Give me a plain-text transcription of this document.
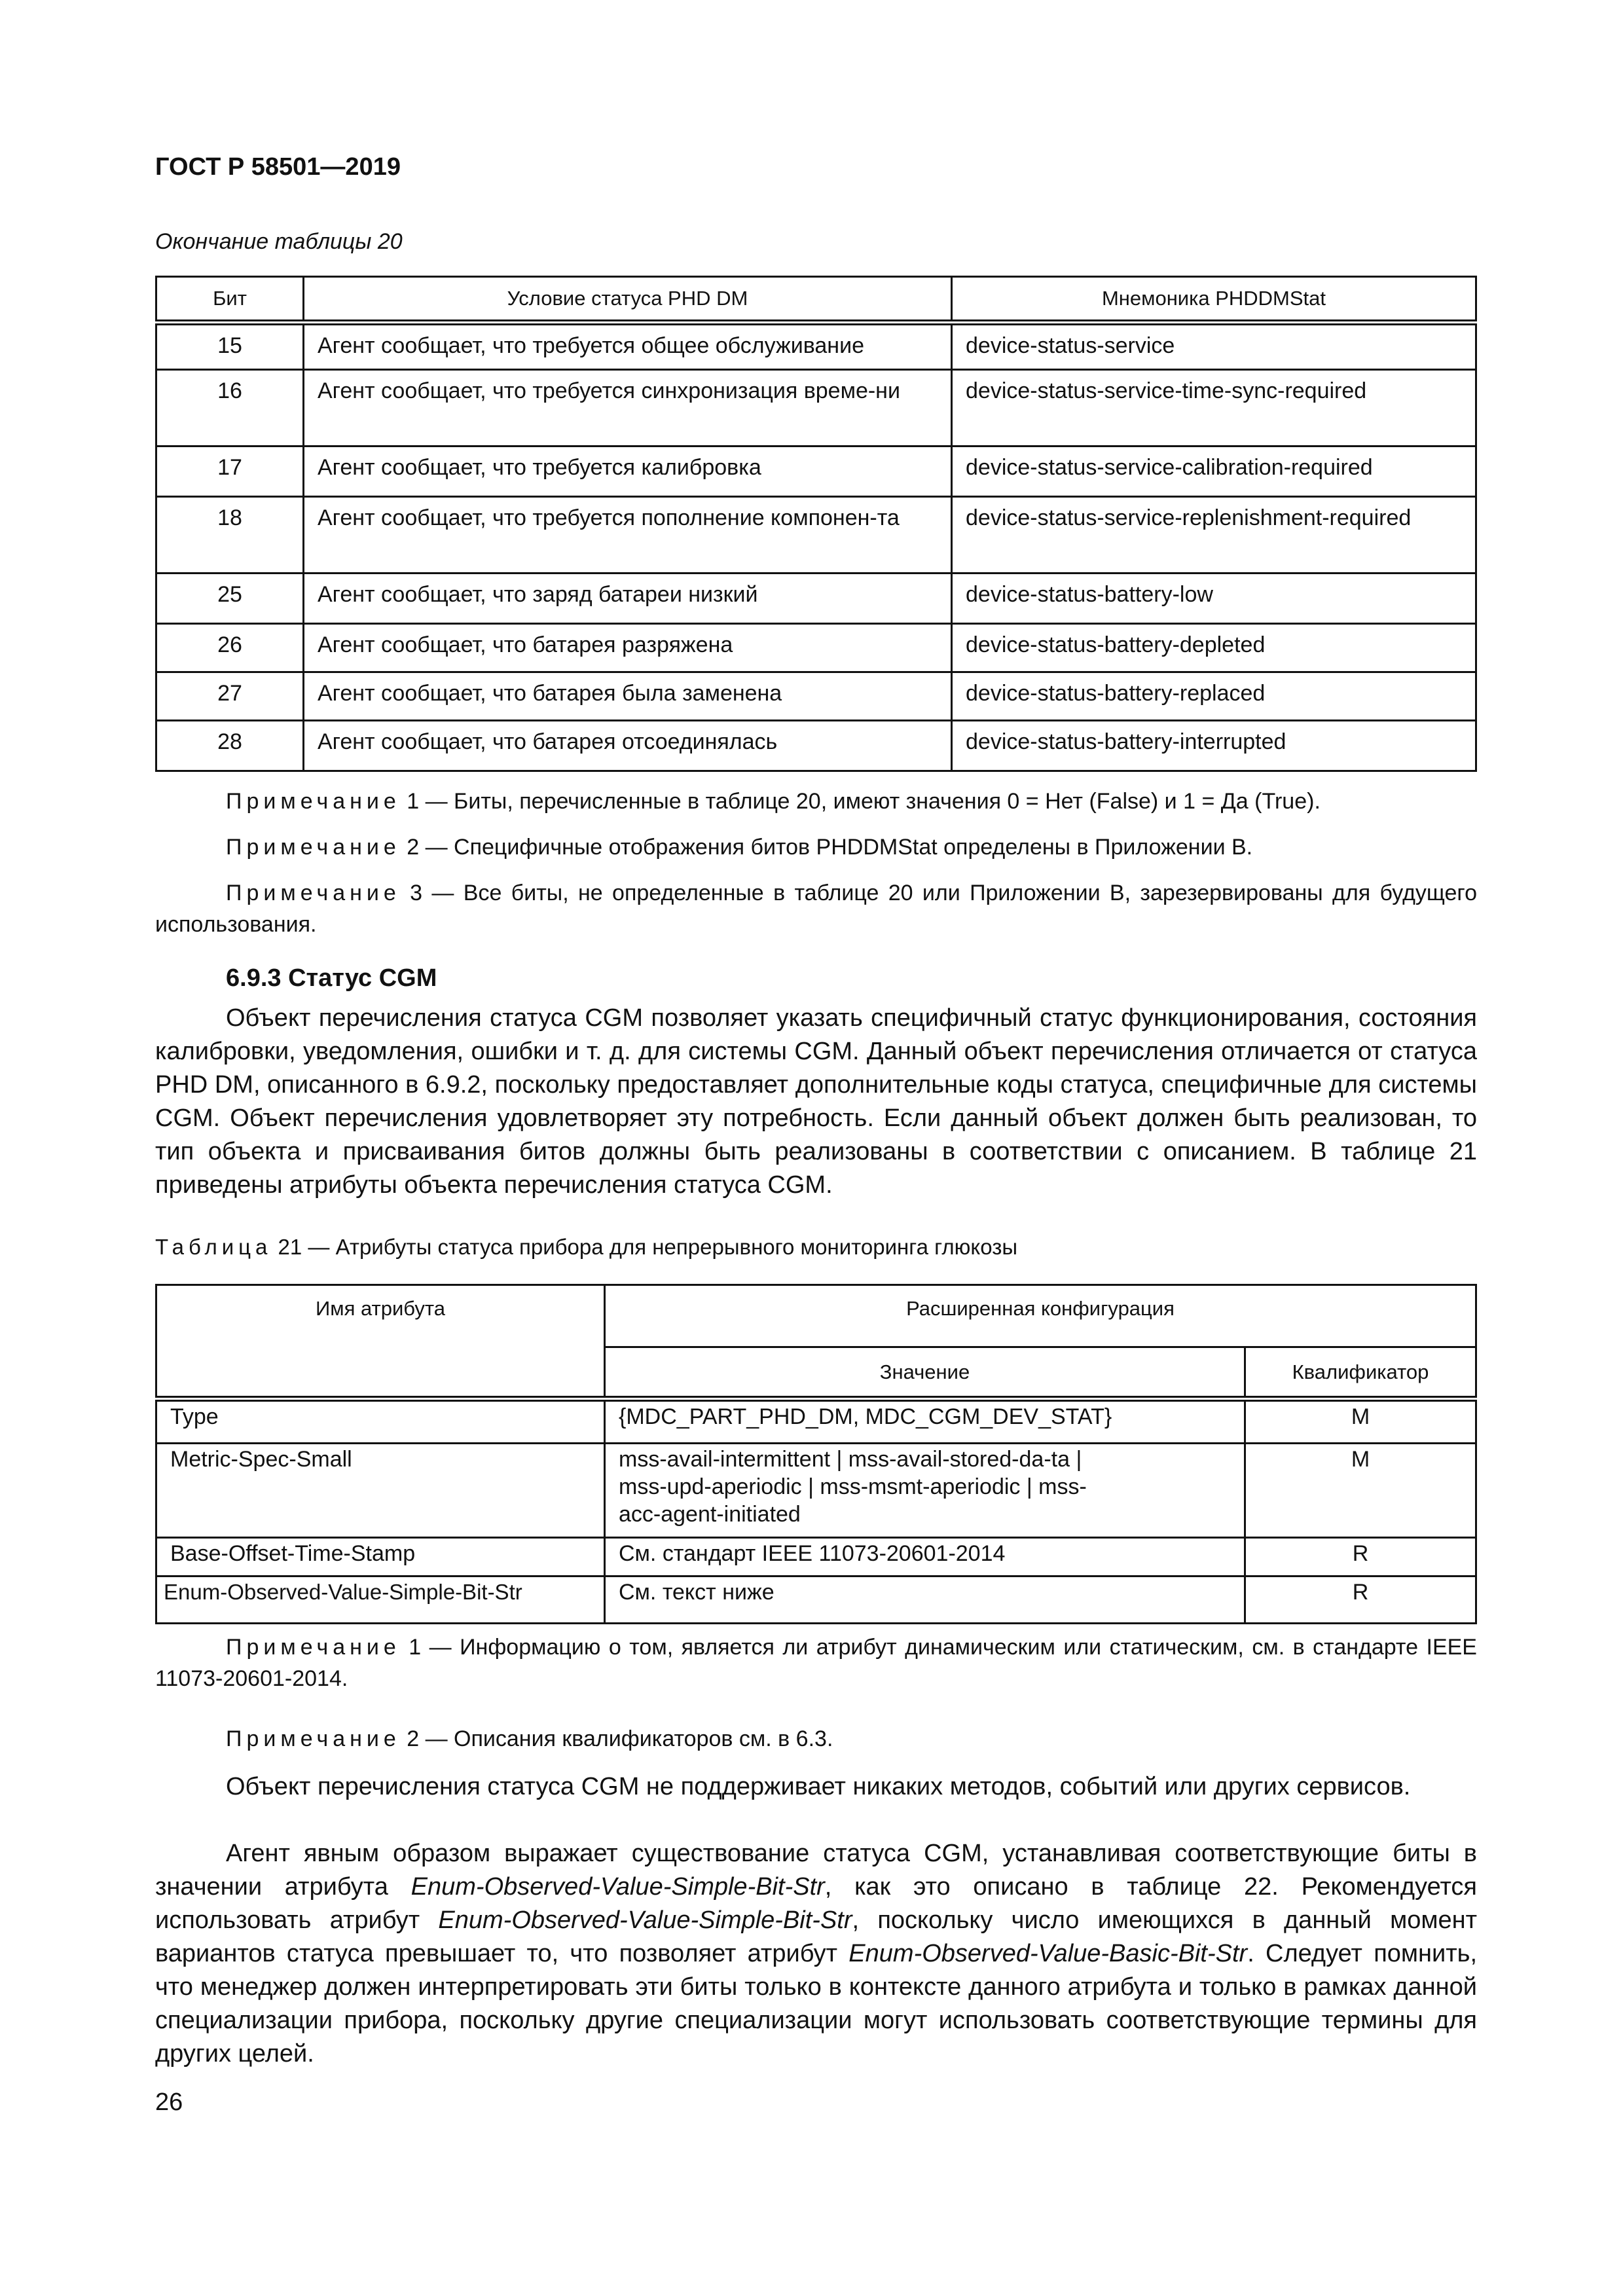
ГОСТ Р 58501—2019
Окончание таблицы 20
Бит	Условие статуса PHD DM	Мнемоника PHDDMStat
15	Агент сообщает, что требуется общее обслуживание	device-status-service
16	Агент сообщает, что требуется синхронизация време-ни	device-status-service-time-sync-required
17	Агент сообщает, что требуется калибровка	device-status-service-calibration-required
18	Агент сообщает, что требуется пополнение компонен-та	device-status-service-replenishment-required
25	Агент сообщает, что заряд батареи низкий	device-status-battery-low
26	Агент сообщает, что батарея разряжена	device-status-battery-depleted
27	Агент сообщает, что батарея была заменена	device-status-battery-replaced
28	Агент сообщает, что батарея отсоединялась	device-status-battery-interrupted
Примечание 1 — Биты, перечисленные в таблице 20, имеют значения 0 = Нет (False) и 1 = Да (True).
Примечание 2 — Специфичные отображения битов PHDDMStat определены в Приложении В.
Примечание 3 — Все биты, не определенные в таблице 20 или Приложении В, зарезервированы для будущего использования.
6.9.3 Статус CGM
Объект перечисления статуса CGM позволяет указать специфичный статус функционирования, состояния калибровки, уведомления, ошибки и т. д. для системы CGM. Данный объект перечисления отличается от статуса PHD DM, описанного в 6.9.2, поскольку предоставляет дополнительные коды статуса, специфичные для системы CGM. Объект перечисления удовлетворяет эту потребность. Если данный объект должен быть реализован, то тип объекта и присваивания битов должны быть реализованы в соответствии с описанием. В таблице 21 приведены атрибуты объекта перечисления статуса CGM.
Таблица 21 — Атрибуты статуса прибора для непрерывного мониторинга глюкозы
Имя атрибута	Расширенная конфигурация	
	Значение	Квалификатор
Type	{MDC_PART_PHD_DM, MDC_CGM_DEV_STAT}	M
Metric-Spec-Small	mss-avail-intermittent | mss-avail-stored-da-ta | mss-upd-aperiodic | mss-msmt-aperiodic | mss-acc-agent-initiated	M
Base-Offset-Time-Stamp	См. стандарт IEEE 11073-20601-2014	R
Enum-Observed-Value-Simple-Bit-Str	См. текст ниже	R
Примечание 1 — Информацию о том, является ли атрибут динамическим или статическим, см. в стандарте IEEE 11073-20601-2014.
Примечание 2 — Описания квалификаторов см. в 6.3.
Объект перечисления статуса CGM не поддерживает никаких методов, событий или других сервисов.
Агент явным образом выражает существование статуса CGM, устанавливая соответствующие биты в значении атрибута Enum-Observed-Value-Simple-Bit-Str, как это описано в таблице 22. Рекомендуется использовать атрибут Enum-Observed-Value-Simple-Bit-Str, поскольку число имеющихся в данный момент вариантов статуса превышает то, что позволяет атрибут Enum-Observed-Value-Basic-Bit-Str. Следует помнить, что менеджер должен интерпретировать эти биты только в контексте данного атрибута и только в рамках данной специализации прибора, поскольку другие специализации могут использовать соответствующие термины для других целей.
26
